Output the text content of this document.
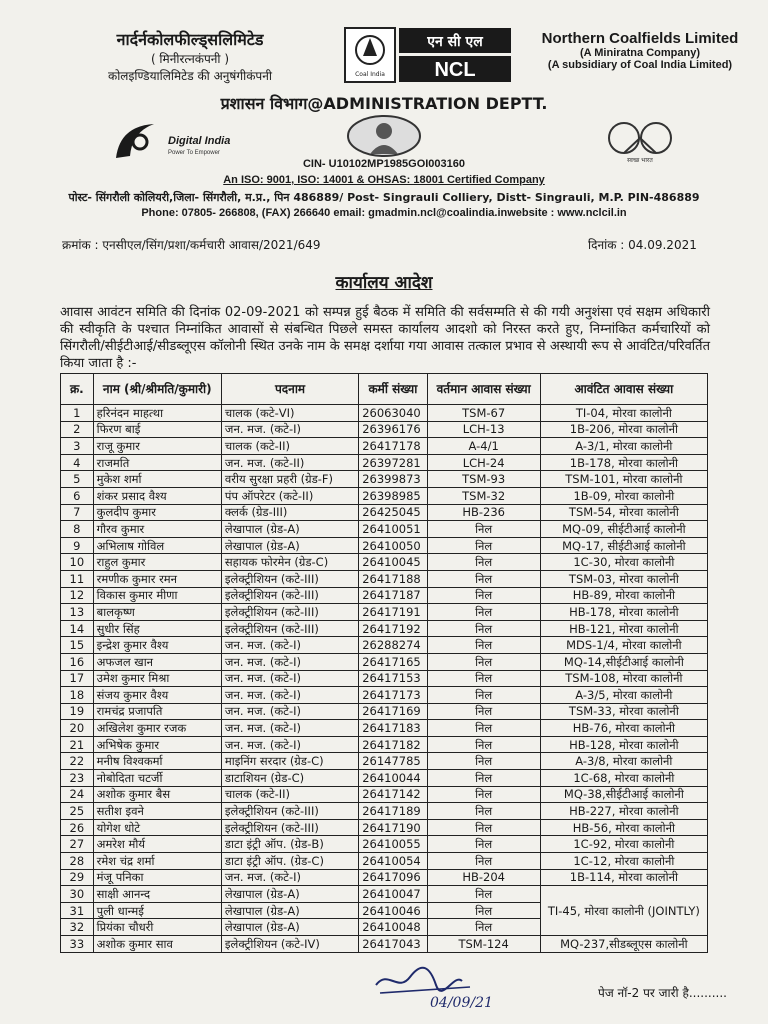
नार्दर्नकोलफील्ड्सलिमिटेड
( मिनीरत्नकंपनी )
कोलइण्डियालिमिटेड की अनुषंगीकंपनी	Coal India
एन सी एल
NCL
Northern Coalfields Limited
(A Miniratna Company)
(A subsidiary of Coal India Limited)
प्रशासन विभाग@ADMINISTRATION DEPTT.
Digital India
Power To Empower
स्वच्छ भारत
CIN- U10102MP1985GOI003160
An ISO: 9001, ISO: 14001 & OHSAS: 18001 Certified Company
पोस्ट- सिंगरौली कोलियरी,जिला- सिंगरौली, म.प्र., पिन 486889/ Post- Singrauli Colliery, Distt- Singrauli, M.P. PIN-486889
Phone: 07805- 266808, (FAX) 266640 email: gmadmin.ncl@coalindia.inwebsite : www.nclcil.in
क्रमांक : एनसीएल/सिंग/प्रशा/कर्मचारी आवास/2021/649	दिनांक : 04.09.2021
कार्यालय आदेश
आवास आवंटन समिति की दिनांक 02-09-2021 को सम्पन्न हुई बैठक में समिति की सर्वसम्मति से की गयी अनुशंसा एवं सक्षम अधिकारी की स्वीकृति के पश्चात निम्नांकित आवासों से संबन्धित पिछले समस्त कार्यालय आदशो को निरस्त करते हुए, निम्नांकित कर्मचारियों को सिंगरौली/सीईटीआई/सीडब्लूएस कॉलोनी स्थित उनके नाम के समक्ष दर्शाया गया आवास तत्काल प्रभाव से अस्थायी रूप से आवंटित/परिवर्तित किया जाता है :-
क्र.	नाम (श्री/श्रीमति/कुमारी)	पदनाम	कर्मी संख्या	वर्तमान आवास संख्या	आवंटित आवास संख्या
1	हरिनंदन माहत्था	चालक (कटे-VI)	26063040	TSM-67	TI-04, मोरवा कालोनी
2	फिरण बाई	जन. मज. (कटे-I)	26396176	LCH-13	1B-206, मोरवा कालोनी
3	राजू कुमार	चालक (कटे-II)	26417178	A-4/1	A-3/1, मोरवा कालोनी
4	राजमति	जन. मज. (कटे-II)	26397281	LCH-24	1B-178, मोरवा कालोनी
5	मुकेश शर्मा	वरीय सुरक्षा प्रहरी (ग्रेड-F)	26399873	TSM-93	TSM-101, मोरवा कालोनी
6	शंकर प्रसाद वैश्य	पंप ऑपरेटर (कटे-II)	26398985	TSM-32	1B-09, मोरवा कालोनी
7	कुलदीप कुमार	क्लर्क (ग्रेड-III)	26425045	HB-236	TSM-54, मोरवा कालोनी
8	गौरव कुमार	लेखापाल (ग्रेड-A)	26410051	निल	MQ-09, सीईटीआई कालोनी
9	अभिलाष गोविल	लेखापाल (ग्रेड-A)	26410050	निल	MQ-17, सीईटीआई कालोनी
10	राहुल कुमार	सहायक फोरमेन (ग्रेड-C)	26410045	निल	1C-30, मोरवा कालोनी
11	रमणीक कुमार रमन	इलेक्ट्रीशियन (कटे-III)	26417188	निल	TSM-03, मोरवा कालोनी
12	विकास कुमार मीणा	इलेक्ट्रीशियन (कटे-III)	26417187	निल	HB-89, मोरवा कालोनी
13	बालकृष्ण	इलेक्ट्रीशियन (कटे-III)	26417191	निल	HB-178, मोरवा कालोनी
14	सुधीर सिंह	इलेक्ट्रीशियन (कटे-III)	26417192	निल	HB-121, मोरवा कालोनी
15	इन्द्रेश कुमार वैश्य	जन. मज. (कटे-I)	26288274	निल	MDS-1/4, मोरवा कालोनी
16	अफजल खान	जन. मज. (कटे-I)	26417165	निल	MQ-14,सीईटीआई कालोनी
17	उमेश कुमार मिश्रा	जन. मज. (कटे-I)	26417153	निल	TSM-108, मोरवा कालोनी
18	संजय कुमार वैश्य	जन. मज. (कटे-I)	26417173	निल	A-3/5, मोरवा कालोनी
19	रामचंद्र प्रजापति	जन. मज. (कटे-I)	26417169	निल	TSM-33, मोरवा कालोनी
20	अखिलेश कुमार रजक	जन. मज. (कटे-I)	26417183	निल	HB-76, मोरवा कालोनी
21	अभिषेक कुमार	जन. मज. (कटे-I)	26417182	निल	HB-128, मोरवा कालोनी
22	मनीष विश्वकर्मा	माइनिंग सरदार (ग्रेड-C)	26147785	निल	A-3/8, मोरवा कालोनी
23	नोबोदिता चटर्जी	डाटाशियन (ग्रेड-C)	26410044	निल	1C-68, मोरवा कालोनी
24	अशोक कुमार बैस	चालक (कटे-II)	26417142	निल	MQ-38,सीईटीआई कालोनी
25	सतीश इवने	इलेक्ट्रीशियन (कटे-III)	26417189	निल	HB-227, मोरवा कालोनी
26	योगेश धोटे	इलेक्ट्रीशियन (कटे-III)	26417190	निल	HB-56, मोरवा कालोनी
27	अमरेश मौर्य	डाटा इंट्री ऑप. (ग्रेड-B)	26410055	निल	1C-92, मोरवा कालोनी
28	रमेश चंद्र शर्मा	डाटा इंट्री ऑप. (ग्रेड-C)	26410054	निल	1C-12, मोरवा कालोनी
29	मंजू पनिका	जन. मज. (कटे-I)	26417096	HB-204	1B-114, मोरवा कालोनी
30	साक्षी आनन्द	लेखापाल (ग्रेड-A)	26410047	निल	TI-45, मोरवा कालोनी (JOINTLY)
31	पुली धान्मई	लेखापाल (ग्रेड-A)	26410046	निल	
32	प्रियंका चौधरी	लेखापाल (ग्रेड-A)	26410048	निल	
33	अशोक कुमार साव	इलेक्ट्रीशियन (कटे-IV)	26417043	TSM-124	MQ-237,सीडब्लूएस कालोनी
04/09/21
पेज नॉ-2 पर जारी है..........
